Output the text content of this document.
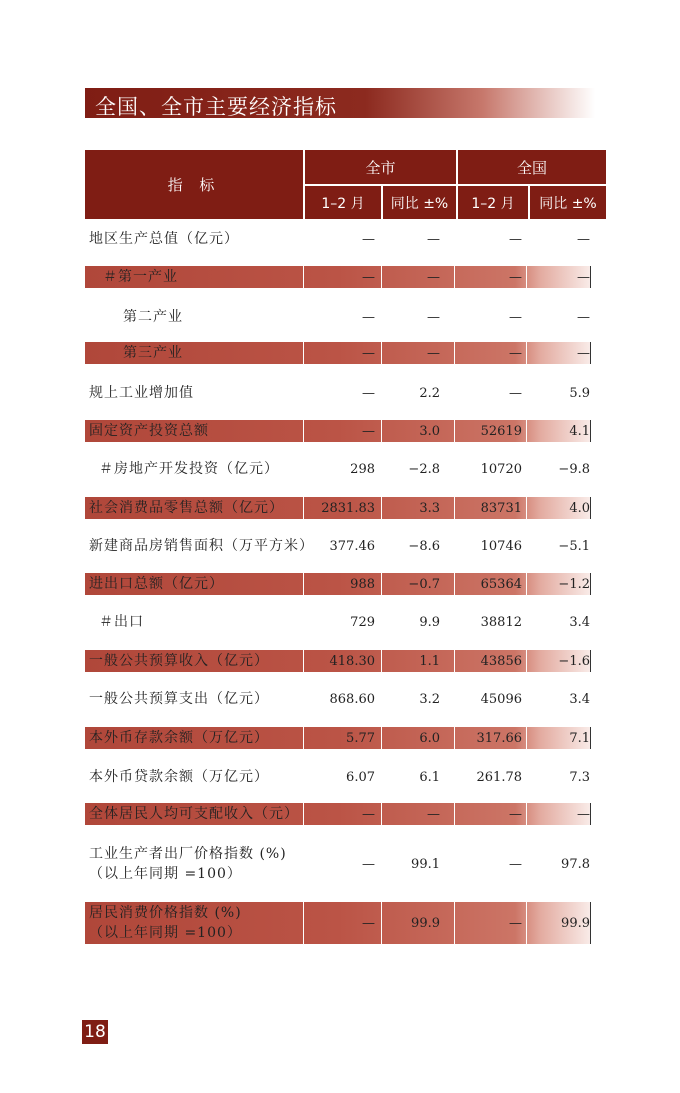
全国、全市主要经济指标
指 标
全市	全国
1–2 月	同比 ±%	1–2 月	同比 ±%
地区生产总值（亿元）	—	—	—	—
＃第一产业	—	—	—	—
第二产业	—	—	—	—
第三产业	—	—	—	—
规上工业增加值	—	2.2	—	5.9
固定资产投资总额	—	3.0	52619	4.1
＃房地产开发投资（亿元）	298	−2.8	10720	−9.8
社会消费品零售总额（亿元）	2831.83	3.3	83731	4.0
新建商品房销售面积（万平方米）	377.46	−8.6	10746	−5.1
进出口总额（亿元）	988	−0.7	65364	−1.2
＃出口	729	9.9	38812	3.4
一般公共预算收入（亿元）	418.30	1.1	43856	−1.6
一般公共预算支出（亿元）	868.60	3.2	45096	3.4
本外币存款余额（万亿元）	5.77	6.0	317.66	7.1
本外币贷款余额（万亿元）	6.07	6.1	261.78	7.3
全体居民人均可支配收入（元）	—	—	—	—
工业生产者出厂价格指数 (%)
（以上年同期 =100）
—	99.1	—	97.8
居民消费价格指数 (%)
（以上年同期 =100）
—	99.9	—	99.9
18
